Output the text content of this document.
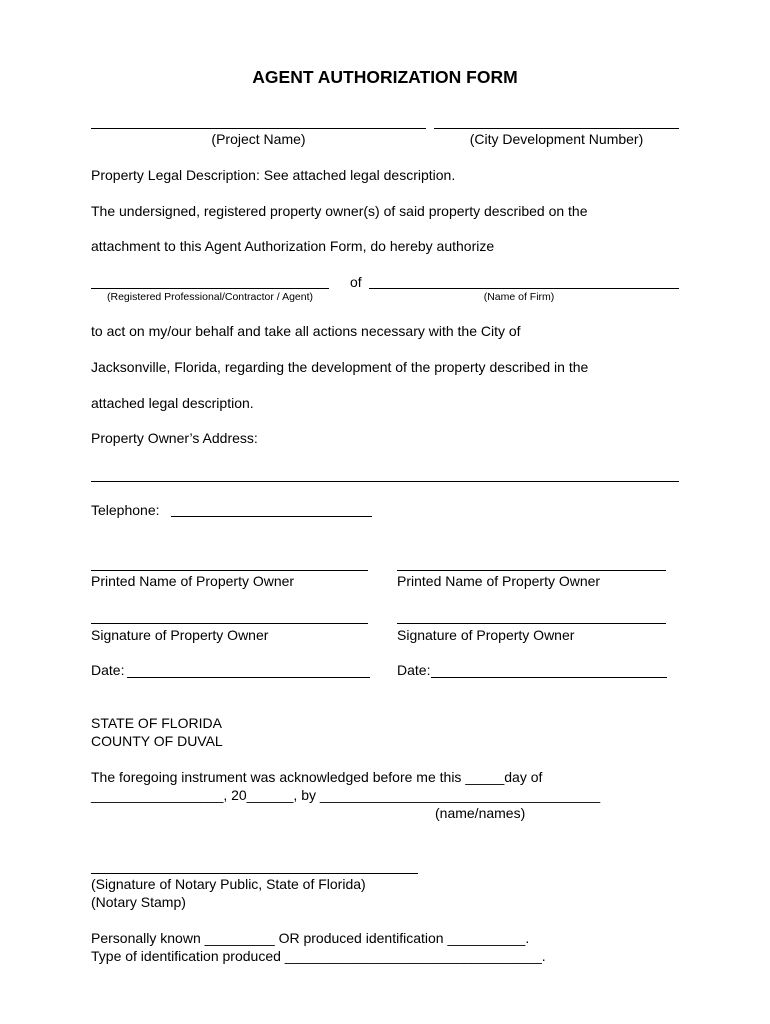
AGENT AUTHORIZATION FORM
(Project Name)	(City Development Number)
Property Legal Description: See attached legal description.
The undersigned, registered property owner(s) of said property described on the
attachment to this Agent Authorization Form, do hereby authorize
of
(Registered Professional/Contractor / Agent)	(Name of Firm)
to act on my/our behalf and take all actions necessary with the City of
Jacksonville, Florida, regarding the development of the property described in the
attached legal description.
Property Owner’s Address:
Telephone:
Printed Name of Property Owner	Printed Name of Property Owner
Signature of Property Owner	Signature of Property Owner
Date:	Date:
STATE OF FLORIDA
COUNTY OF DUVAL
The foregoing instrument was acknowledged before me this _____day of
_________________, 20______, by ____________________________________
(name/names)
(Signature of Notary Public, State of Florida)
(Notary Stamp)
Personally known _________ OR produced identification __________.
Type of identification produced _________________________________.
